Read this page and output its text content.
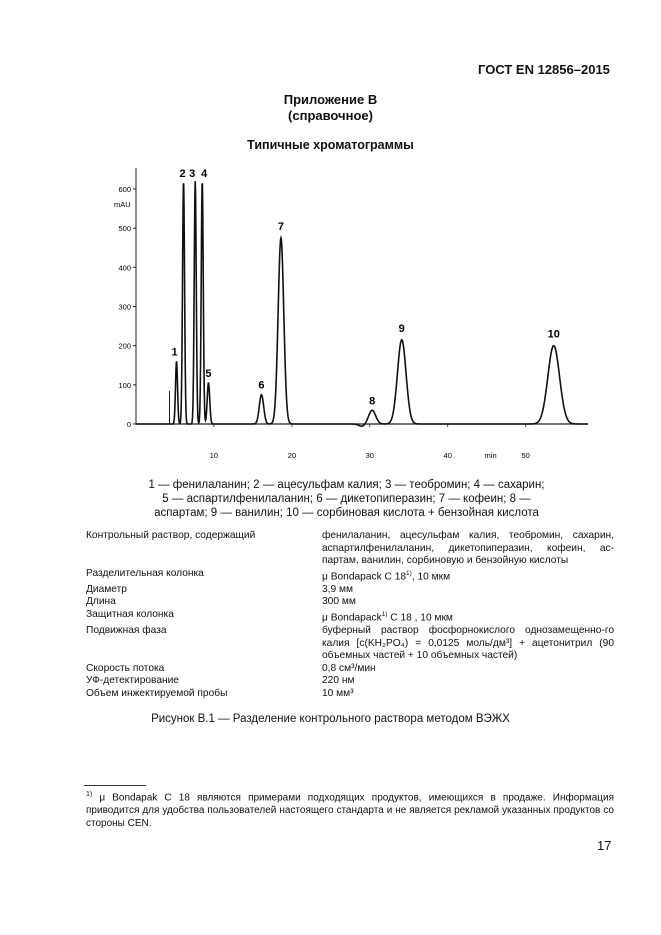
ГОСТ EN 12856–2015
Приложение В
(справочное)
Типичные хроматограммы
0
100
200
300
400
500
600
10	20	30	40	50
min
mAU
1
2 3 4
5
6
7
8
9	10
1 — фенилаланин; 2 — ацесульфам калия; 3 — теобромин; 4 — сахарин;
5 — аспартилфенилаланин; 6 — дикетопиперазин; 7 — кофеин; 8 —
аспартам; 9 — ванилин; 10 — сорбиновая кислота + бензойная кислота
Контрольный раствор, содержащий	фенилаланин, ацесульфам калия, теобромин, сахарин, аспартилфенилаланин, дикетопиперазин, кофеин, ас-партам, ванилин, сорбиновую и бензойную кислоты
Разделительная колонка	μ Bondapack C 18$^{1)}$, 10 мкм
Диаметр	3,9 мм
Длина	300 мм
Защитная колонка	μ Bondapack$^{1)}$ C 18 , 10 мкм
Подвижная фаза	буферный раствор фосфорнокислого однозамещенно-го калия [c(KH₂PO₄) = 0,0125 моль/дм³] + ацетонитрил (90 объемных частей + 10 объемных частей)
Скорость потока	0,8 см³/мин
УФ-детектирование	220 нм
Объем инжектируемой пробы	10 мм³
Рисунок В.1 — Разделение контрольного раствора методом ВЭЖХ
$^{1)}$ μ Bondapak C 18 являются примерами подходящих продуктов, имеющихся в продаже. Информация приводится для удобства пользователей настоящего стандарта и не является рекламой указанных продуктов со стороны CEN.
17
